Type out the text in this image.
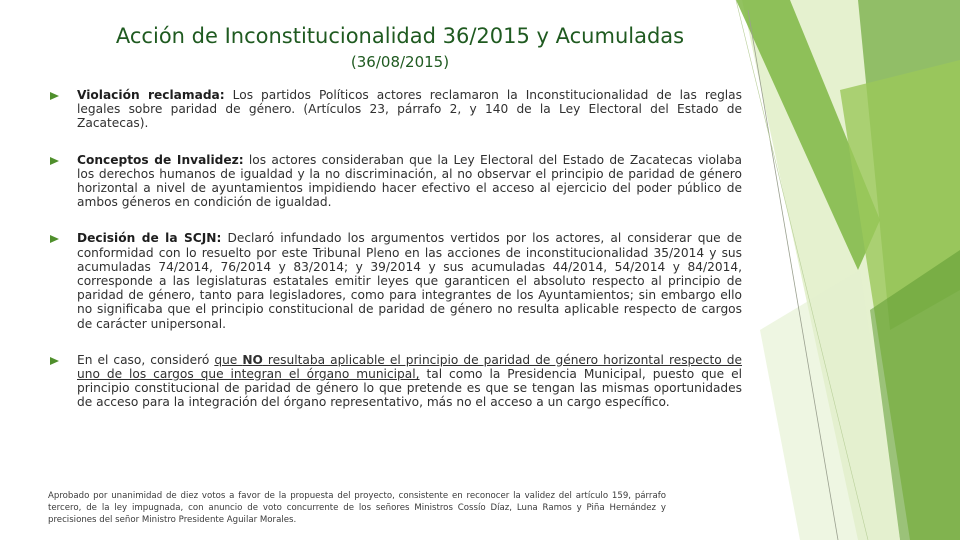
Acción de Inconstitucionalidad 36/2015 y Acumuladas
(36/08/2015)
Violación reclamada: Los partidos Políticos actores reclamaron la Inconstitucionalidad de las reglas legales sobre paridad de género. (Artículos 23, párrafo 2, y 140 de la Ley Electoral del Estado de Zacatecas).
Conceptos de Invalidez: los actores consideraban que la Ley Electoral del Estado de Zacatecas violaba los derechos humanos de igualdad y la no discriminación, al no observar el principio de paridad de género horizontal a nivel de ayuntamientos impidiendo hacer efectivo el acceso al ejercicio del poder público de ambos géneros en condición de igualdad.
Decisión de la SCJN: Declaró infundado los argumentos vertidos por los actores, al considerar que de conformidad con lo resuelto por este Tribunal Pleno en las acciones de inconstitucionalidad 35/2014 y sus acumuladas 74/2014, 76/2014 y 83/2014; y 39/2014 y sus acumuladas 44/2014, 54/2014 y 84/2014, corresponde a las legislaturas estatales emitir leyes que garanticen el absoluto respecto al principio de paridad de género, tanto para legisladores, como para integrantes de los Ayuntamientos; sin embargo ello no significaba que el principio constitucional de paridad de género no resulta aplicable respecto de cargos de carácter unipersonal.
En el caso, consideró que NO resultaba aplicable el principio de paridad de género horizontal respecto de uno de los cargos que integran el órgano municipal, tal como la Presidencia Municipal, puesto que el principio constitucional de paridad de género lo que pretende es que se tengan las mismas oportunidades de acceso para la integración del órgano representativo, más no el acceso a un cargo específico.
Aprobado por unanimidad de diez votos a favor de la propuesta del proyecto, consistente en reconocer la validez del artículo 159, párrafo tercero, de la ley impugnada, con anuncio de voto concurrente de los señores Ministros Cossío Díaz, Luna Ramos y Piña Hernández y precisiones del señor Ministro Presidente Aguilar Morales.
